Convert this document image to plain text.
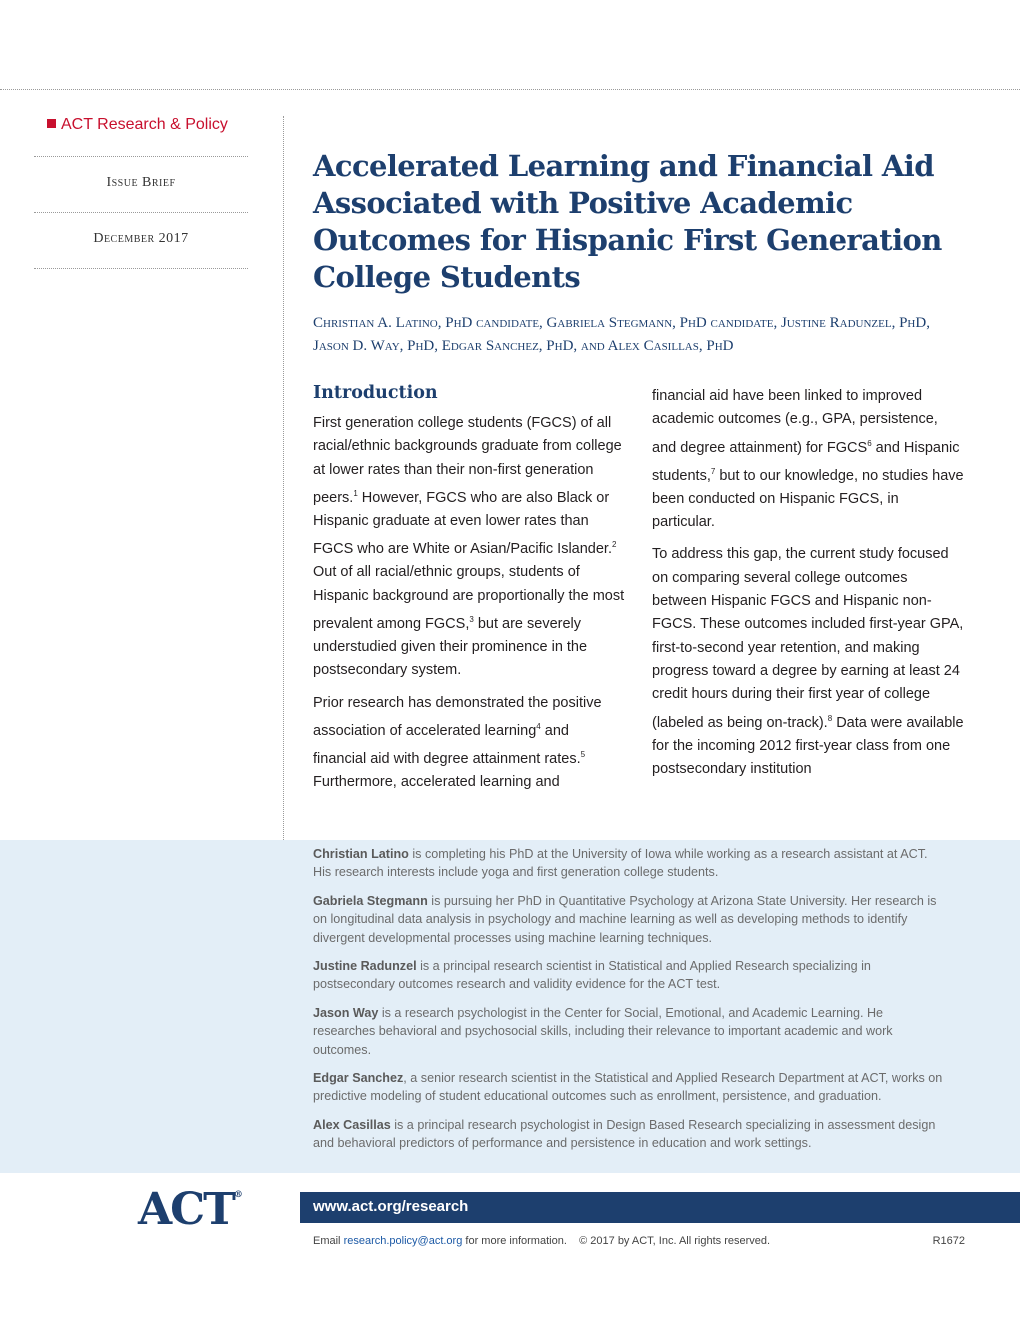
ACT Research & Policy
Issue Brief
December 2017
Accelerated Learning and Financial Aid Associated with Positive Academic Outcomes for Hispanic First Generation College Students
Christian A. Latino, PhD candidate, Gabriela Stegmann, PhD candidate, Justine Radunzel, PhD,
Jason D. Way, PhD, Edgar Sanchez, PhD, and Alex Casillas, PhD
Introduction

First generation college students (FGCS) of all racial/ethnic backgrounds graduate from college at lower rates than their non-first generation peers.$^1$ However, FGCS who are also Black or Hispanic graduate at even lower rates than FGCS who are White or Asian/Pacific Islander.$^2$ Out of all racial/ethnic groups, students of Hispanic background are proportionally the most prevalent among FGCS,$^3$ but are severely understudied given their prominence in the postsecondary system.

Prior research has demonstrated the positive association of accelerated learning$^4$ and financial aid with degree attainment rates.$^5$ Furthermore, accelerated learning and

financial aid have been linked to improved academic outcomes (e.g., GPA, persistence, and degree attainment) for FGCS$^6$ and Hispanic students,$^7$ but to our knowledge, no studies have been conducted on Hispanic FGCS, in particular.

To address this gap, the current study focused on comparing several college outcomes between Hispanic FGCS and Hispanic non-FGCS. These outcomes included first-year GPA, first-to-second year retention, and making progress toward a degree by earning at least 24 credit hours during their first year of college (labeled as being on-track).$^8$ Data were available for the incoming 2012 first-year class from one postsecondary institution

Christian Latino is completing his PhD at the University of Iowa while working as a research assistant at ACT. His research interests include yoga and first generation college students.

Gabriela Stegmann is pursuing her PhD in Quantitative Psychology at Arizona State University. Her research is on longitudinal data analysis in psychology and machine learning as well as developing methods to identify divergent developmental processes using machine learning techniques.

Justine Radunzel is a principal research scientist in Statistical and Applied Research specializing in postsecondary outcomes research and validity evidence for the ACT test.

Jason Way is a research psychologist in the Center for Social, Emotional, and Academic Learning. He researches behavioral and psychosocial skills, including their relevance to important academic and work outcomes.

Edgar Sanchez, a senior research scientist in the Statistical and Applied Research Department at ACT, works on predictive modeling of student educational outcomes such as enrollment, persistence, and graduation.

Alex Casillas is a principal research psychologist in Design Based Research specializing in assessment design and behavioral predictors of performance and persistence in education and work settings.

ACT®
www.act.org/research
Email research.policy@act.org for more information. © 2017 by ACT, Inc. All rights reserved.	R1672
